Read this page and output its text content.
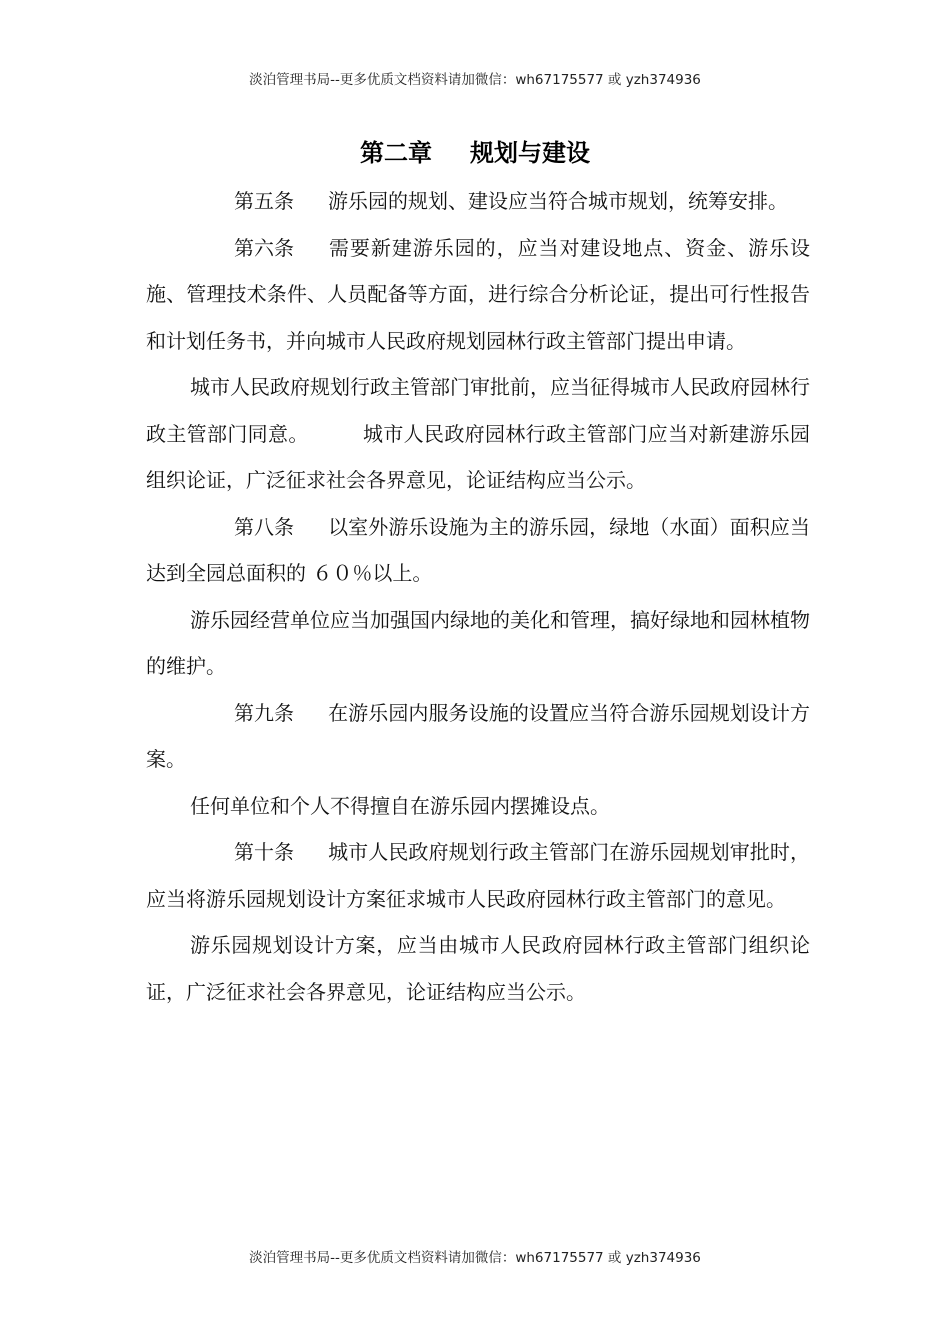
淡泊管理书局--更多优质文档资料请加微信：wh67175577 或 yzh374936
第二章 规划与建设

第五条 游乐园的规划、建设应当符合城市规划，统筹安排。

第六条 需要新建游乐园的，应当对建设地点、资金、游乐设施、管理技术条件、人员配备等方面，进行综合分析论证，提出可行性报告和计划任务书，并向城市人民政府规划园林行政主管部门提出申请。

城市人民政府规划行政主管部门审批前，应当征得城市人民政府园林行政主管部门同意。	城市人民政府园林行政主管部门应当对新建游乐园组织论证，广泛征求社会各界意见，论证结构应当公示。

第八条 以室外游乐设施为主的游乐园，绿地（水面）面积应当达到全园总面积的 ６０％以上。

游乐园经营单位应当加强国内绿地的美化和管理，搞好绿地和园林植物的维护。

第九条 在游乐园内服务设施的设置应当符合游乐园规划设计方案。

任何单位和个人不得擅自在游乐园内摆摊设点。

第十条 城市人民政府规划行政主管部门在游乐园规划审批时，应当将游乐园规划设计方案征求城市人民政府园林行政主管部门的意见。

游乐园规划设计方案，应当由城市人民政府园林行政主管部门组织论证，广泛征求社会各界意见，论证结构应当公示。

淡泊管理书局--更多优质文档资料请加微信：wh67175577 或 yzh374936
